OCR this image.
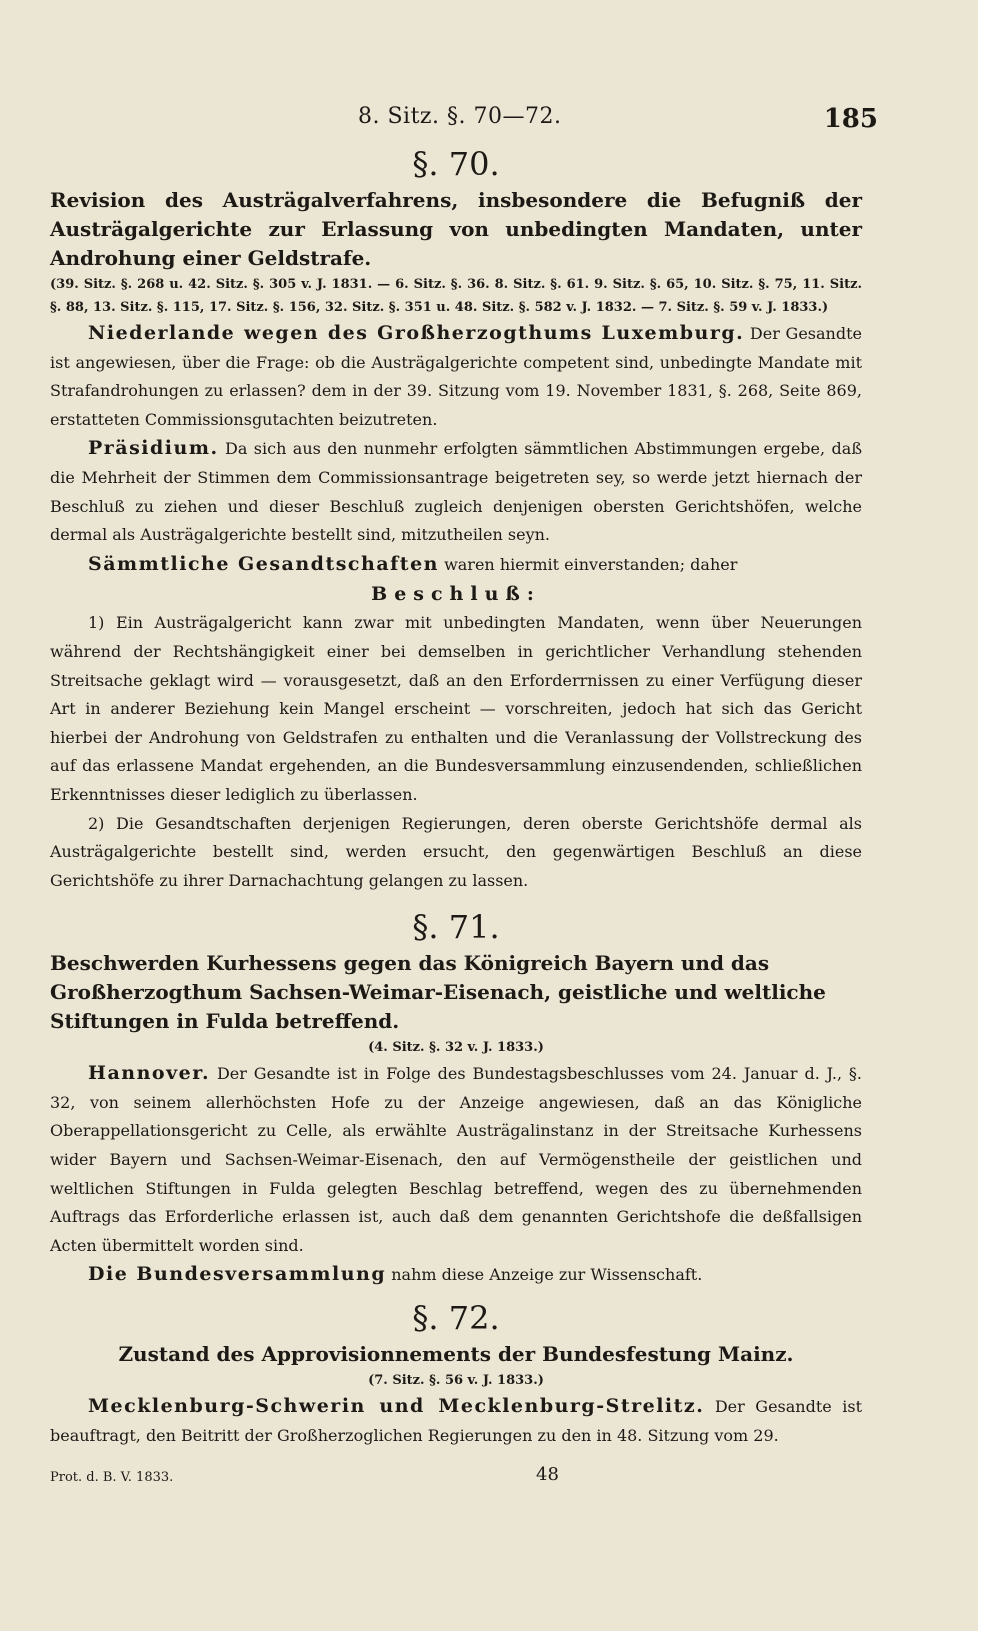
8. Sitz. §. 70—72.	185

§. 70.

Revision des Austrägalverfahrens, insbesondere die Befugniß der Austrägalgerichte zur Erlassung von unbedingten Mandaten, unter Androhung einer Geldstrafe.

(39. Sitz. §. 268 u. 42. Sitz. §. 305 v. J. 1831. — 6. Sitz. §. 36. 8. Sitz. §. 61. 9. Sitz. §. 65, 10. Sitz. §. 75, 11. Sitz. §. 88, 13. Sitz. §. 115, 17. Sitz. §. 156, 32. Sitz. §. 351 u. 48. Sitz. §. 582 v. J. 1832. — 7. Sitz. §. 59 v. J. 1833.)

Niederlande wegen des Großherzogthums Luxemburg. Der Gesandte ist angewiesen, über die Frage: ob die Austrägalgerichte competent sind, unbedingte Mandate mit Strafandrohungen zu erlassen? dem in der 39. Sitzung vom 19. November 1831, §. 268, Seite 869, erstatteten Commissionsgutachten beizutreten.

Präsidium. Da sich aus den nunmehr erfolgten sämmtlichen Abstimmungen ergebe, daß die Mehrheit der Stimmen dem Commissionsantrage beigetreten sey, so werde jetzt hiernach der Beschluß zu ziehen und dieser Beschluß zugleich denjenigen obersten Gerichtshöfen, welche dermal als Austrägalgerichte bestellt sind, mitzutheilen seyn.

Sämmtliche Gesandtschaften waren hiermit einverstanden; daher

Beschluß:

1) Ein Austrägalgericht kann zwar mit unbedingten Mandaten, wenn über Neuerungen während der Rechtshängigkeit einer bei demselben in gerichtlicher Verhandlung stehenden Streitsache geklagt wird — vorausgesetzt, daß an den Erforderrnissen zu einer Verfügung dieser Art in anderer Beziehung kein Mangel erscheint — vorschreiten, jedoch hat sich das Gericht hierbei der Androhung von Geldstrafen zu enthalten und die Veranlassung der Vollstreckung des auf das erlassene Mandat ergehenden, an die Bundesversammlung einzusendenden, schließlichen Erkenntnisses dieser lediglich zu überlassen.

2) Die Gesandtschaften derjenigen Regierungen, deren oberste Gerichtshöfe dermal als Austrägalgerichte bestellt sind, werden ersucht, den gegenwärtigen Beschluß an diese Gerichtshöfe zu ihrer Darnachachtung gelangen zu lassen.

§. 71.

Beschwerden Kurhessens gegen das Königreich Bayern und das Großherzogthum Sachsen-Weimar-Eisenach, geistliche und weltliche Stiftungen in Fulda betreffend.

(4. Sitz. §. 32 v. J. 1833.)

Hannover. Der Gesandte ist in Folge des Bundestagsbeschlusses vom 24. Januar d. J., §. 32, von seinem allerhöchsten Hofe zu der Anzeige angewiesen, daß an das Königliche Oberappellationsgericht zu Celle, als erwählte Austrägalinstanz in der Streitsache Kurhessens wider Bayern und Sachsen-Weimar-Eisenach, den auf Vermögenstheile der geistlichen und weltlichen Stiftungen in Fulda gelegten Beschlag betreffend, wegen des zu übernehmenden Auftrags das Erforderliche erlassen ist, auch daß dem genannten Gerichtshofe die deßfallsigen Acten übermittelt worden sind.

Die Bundesversammlung nahm diese Anzeige zur Wissenschaft.

§. 72.

Zustand des Approvisionnements der Bundesfestung Mainz.

(7. Sitz. §. 56 v. J. 1833.)

Mecklenburg-Schwerin und Mecklenburg-Strelitz. Der Gesandte ist beauftragt, den Beitritt der Großherzoglichen Regierungen zu den in 48. Sitzung vom 29.

Prot. d. B. V. 1833.	48
